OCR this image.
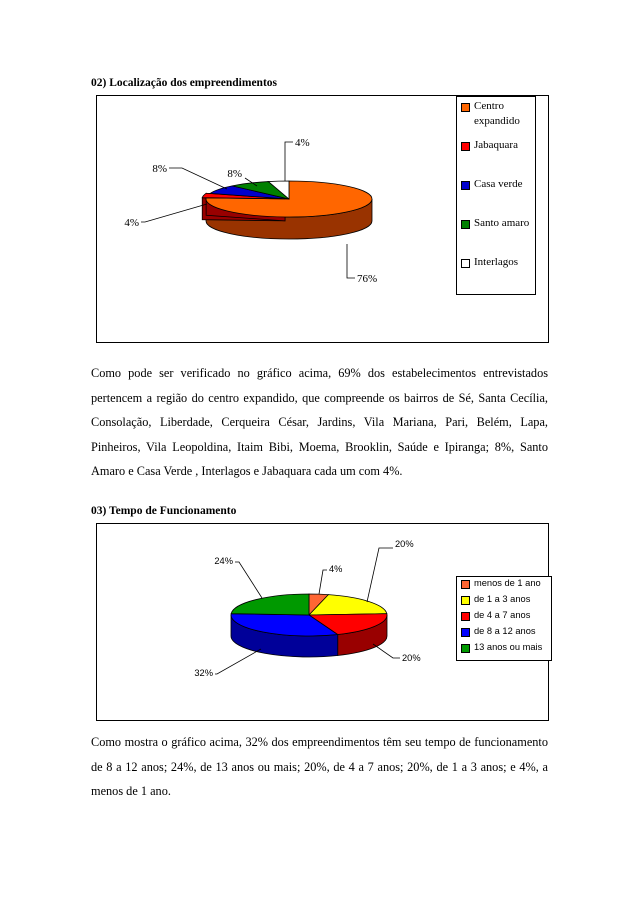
02) Localização dos empreendimentos
76%
4%
8%	8%
4%
Centro expandido
Jabaquara
Casa verde
Santo amaro
Interlagos
Como pode ser verificado no gráfico acima, 69% dos estabelecimentos entrevistados pertencem a região do centro expandido, que compreende os bairros de Sé, Santa Cecília, Consolação, Liberdade, Cerqueira César, Jardins, Vila Mariana, Pari, Belém, Lapa, Pinheiros, Vila Leopoldina, Itaim Bibi, Moema, Brooklin, Saúde e Ipiranga; 8%, Santo Amaro e Casa Verde , Interlagos e Jabaquara cada um com 4%.
03) Tempo de Funcionamento
4%
20%
20%
32%
24%
menos de 1 ano
de 1 a 3 anos
de 4 a 7 anos
de 8 a 12 anos
13 anos ou mais
Como mostra o gráfico acima, 32% dos empreendimentos têm seu tempo de funcionamento de 8 a 12 anos; 24%, de 13 anos ou mais; 20%, de 4 a 7 anos; 20%, de 1 a 3 anos; e 4%, a menos de 1 ano.
